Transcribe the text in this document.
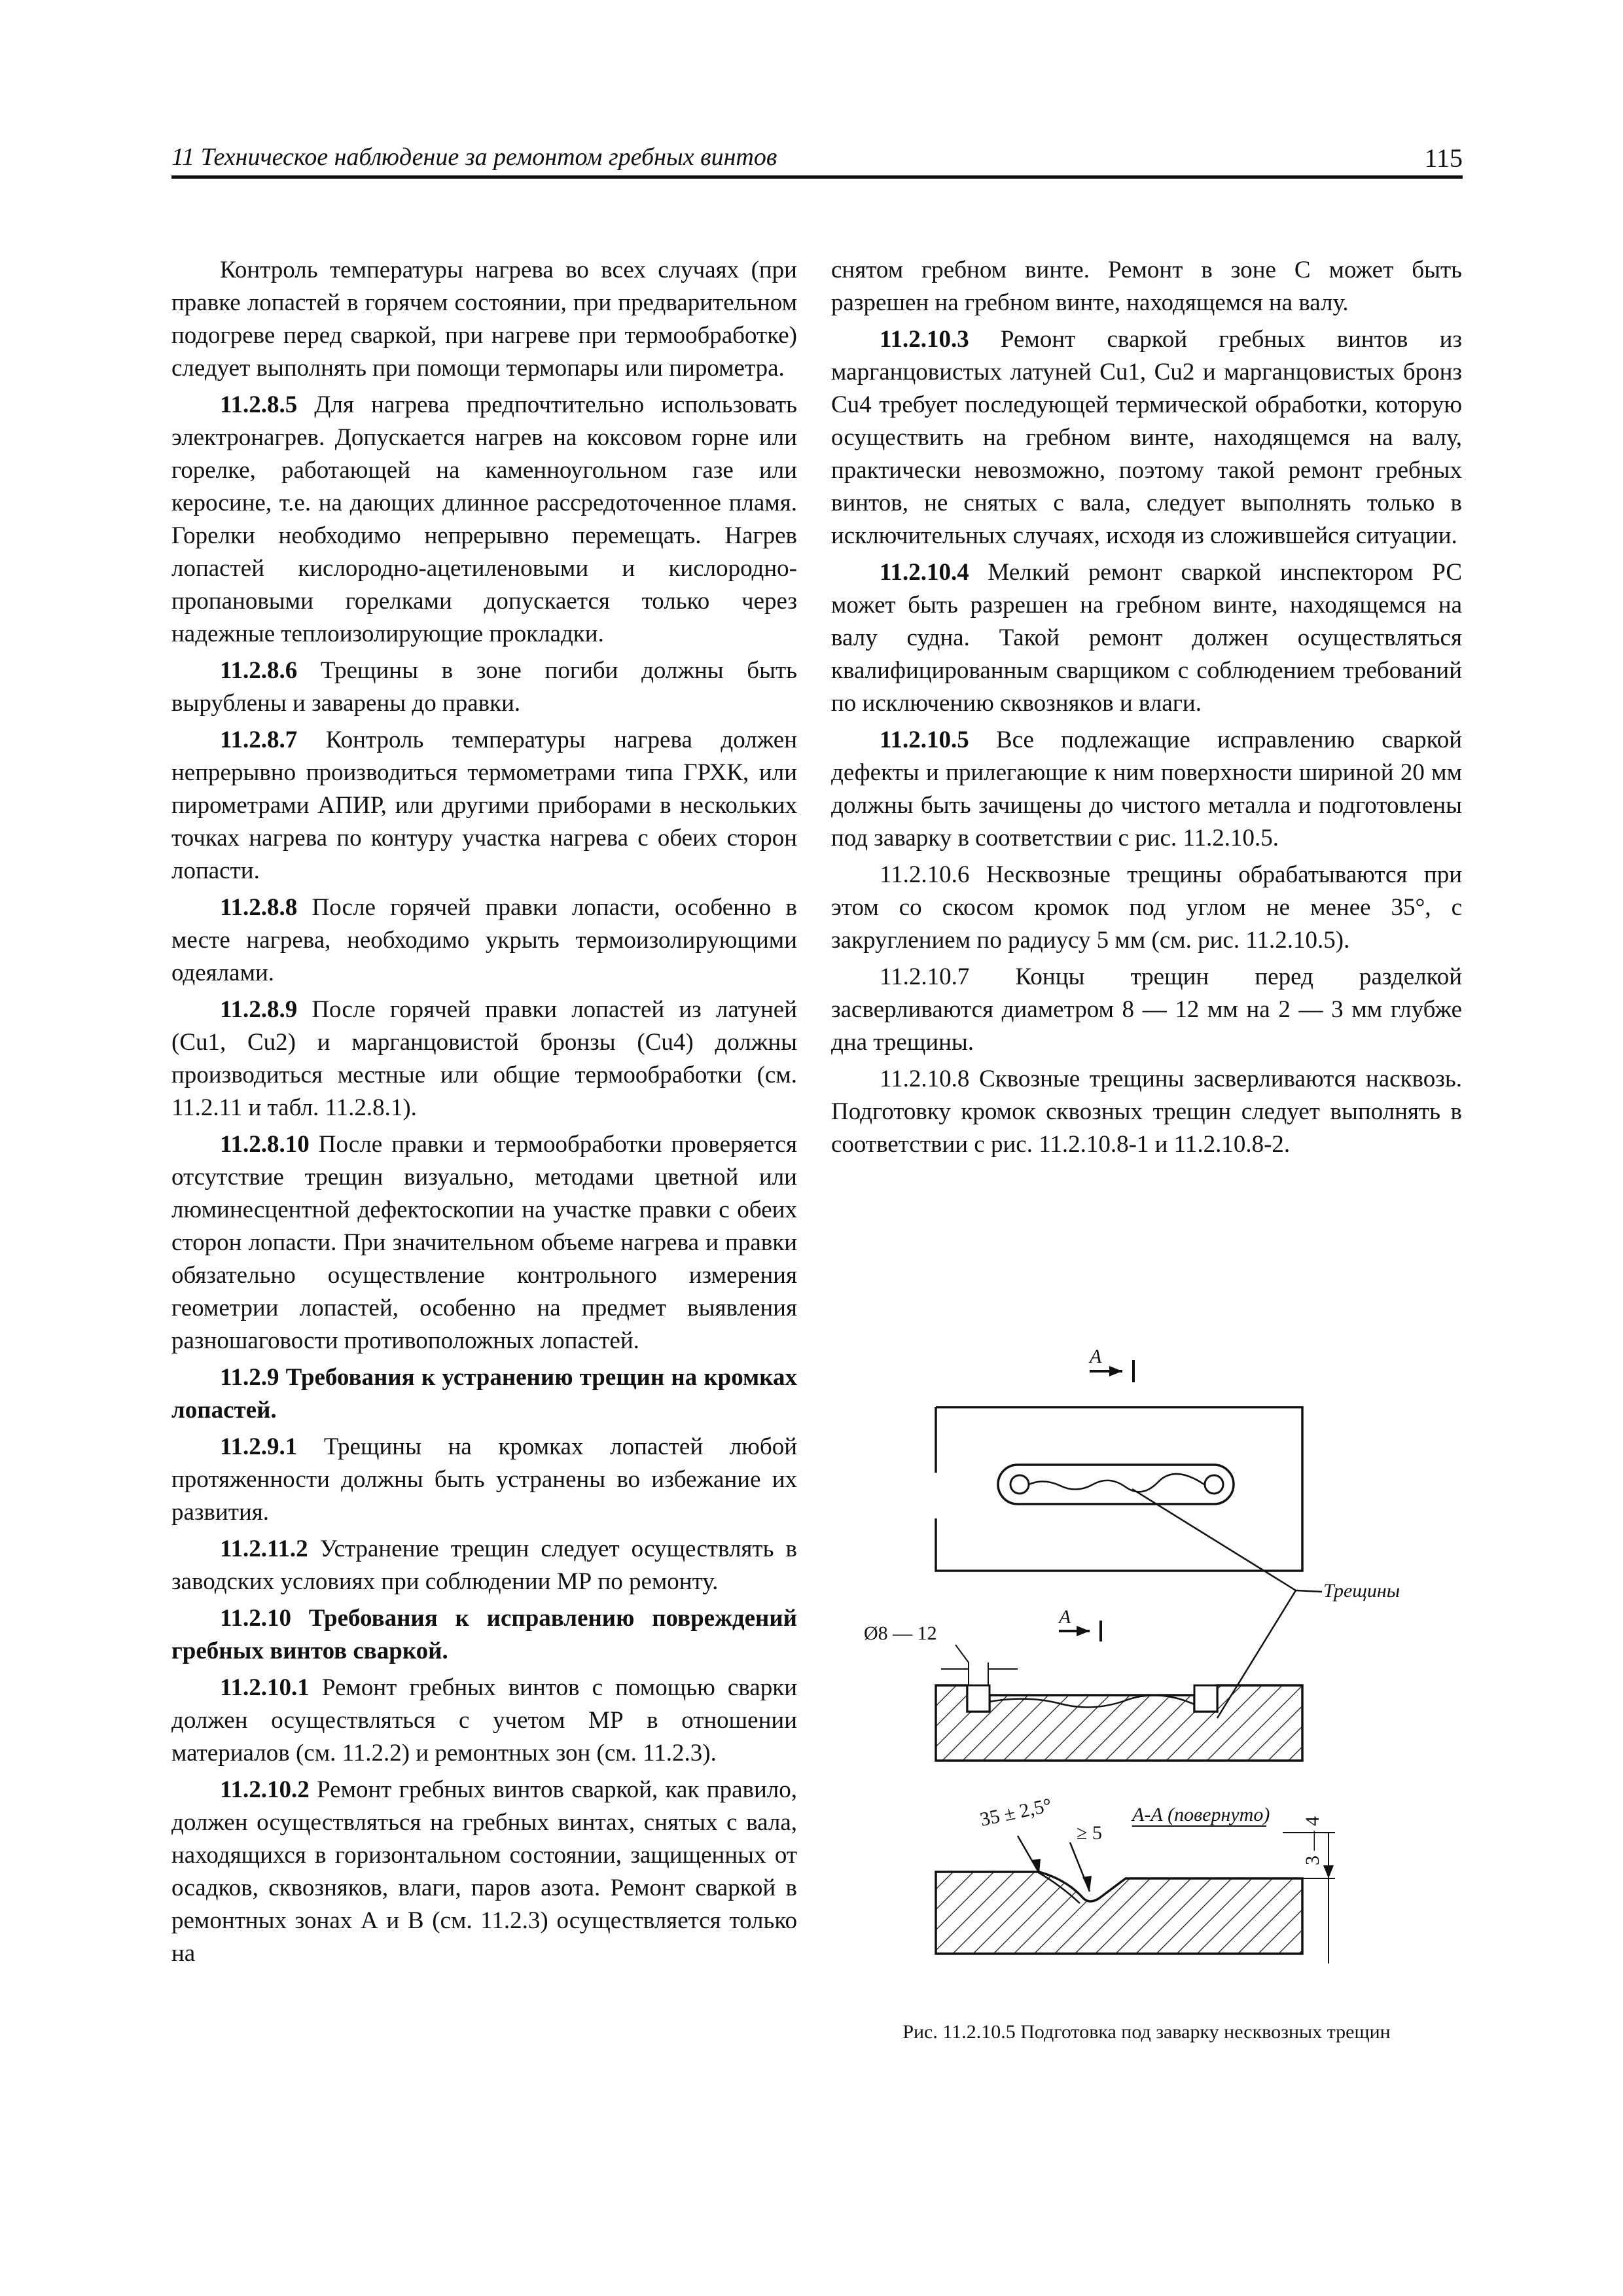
11 Техническое наблюдение за ремонтом гребных винтов	115

Контроль температуры нагрева во всех случаях (при правке лопастей в горячем состоянии, при предварительном подогреве перед сваркой, при нагреве при термообработке) следует выполнять при помощи термопары или пирометра.

11.2.8.5 Для нагрева предпочтительно использовать электронагрев. Допускается нагрев на коксовом горне или горелке, работающей на каменноугольном газе или керосине, т.е. на дающих длинное рассредоточенное пламя. Горелки необходимо непрерывно перемещать. Нагрев лопастей кислородно-ацетиленовыми и кислородно-пропановыми горелками допускается только через надежные теплоизолирующие прокладки.

11.2.8.6 Трещины в зоне погиби должны быть вырублены и заварены до правки.

11.2.8.7 Контроль температуры нагрева должен непрерывно производиться термометрами типа ГРХК, или пирометрами АПИР, или другими приборами в нескольких точках нагрева по контуру участка нагрева с обеих сторон лопасти.

11.2.8.8 После горячей правки лопасти, особенно в месте нагрева, необходимо укрыть термоизолирующими одеялами.

11.2.8.9 После горячей правки лопастей из латуней (Cu1, Cu2) и марганцовистой бронзы (Cu4) должны производиться местные или общие термообработки (см. 11.2.11 и табл. 11.2.8.1).

11.2.8.10 После правки и термообработки проверяется отсутствие трещин визуально, методами цветной или люминесцентной дефектоскопии на участке правки с обеих сторон лопасти. При значительном объеме нагрева и правки обязательно осуществление контрольного измерения геометрии лопастей, особенно на предмет выявления разношаговости противоположных лопастей.

11.2.9 Требования к устранению трещин на кромках лопастей.

11.2.9.1 Трещины на кромках лопастей любой протяженности должны быть устранены во избежание их развития.

11.2.11.2 Устранение трещин следует осуществлять в заводских условиях при соблюдении МР по ремонту.

11.2.10 Требования к исправлению повреждений гребных винтов сваркой.

11.2.10.1 Ремонт гребных винтов с помощью сварки должен осуществляться с учетом МР в отношении материалов (см. 11.2.2) и ремонтных зон (см. 11.2.3).

11.2.10.2 Ремонт гребных винтов сваркой, как правило, должен осуществляться на гребных винтах, снятых с вала, находящихся в горизонтальном состоянии, защищенных от осадков, сквозняков, влаги, паров азота. Ремонт сваркой в ремонтных зонах А и В (см. 11.2.3) осуществляется только на

снятом гребном винте. Ремонт в зоне С может быть разрешен на гребном винте, находящемся на валу.

11.2.10.3 Ремонт сваркой гребных винтов из марганцовистых латуней Cu1, Cu2 и марганцовистых бронз Cu4 требует последующей термической обработки, которую осуществить на гребном винте, находящемся на валу, практически невозможно, поэтому такой ремонт гребных винтов, не снятых с вала, следует выполнять только в исключительных случаях, исходя из сложившейся ситуации.

11.2.10.4 Мелкий ремонт сваркой инспектором РС может быть разрешен на гребном винте, находящемся на валу судна. Такой ремонт должен осуществляться квалифицированным сварщиком с соблюдением требований по исключению сквозняков и влаги.

11.2.10.5 Все подлежащие исправлению сваркой дефекты и прилегающие к ним поверхности шириной 20 мм должны быть зачищены до чистого металла и подготовлены под заварку в соответствии с рис. 11.2.10.5.

11.2.10.6 Несквозные трещины обрабатываются при этом со скосом кромок под углом не менее 35°, с закруглением по радиусу 5 мм (см. рис. 11.2.10.5).

11.2.10.7 Концы трещин перед разделкой засверливаются диаметром 8 — 12 мм на 2 — 3 мм глубже дна трещины.

11.2.10.8 Сквозные трещины засверливаются насквозь. Подготовку кромок сквозных трещин следует выполнять в соответствии с рис. 11.2.10.8-1 и 11.2.10.8-2.

А
Трещины
Ø8 — 12
А
35 ± 2,5°
≥ 5
А-А (повернуто)
3 — 4
Рис. 11.2.10.5 Подготовка под заварку несквозных трещин
